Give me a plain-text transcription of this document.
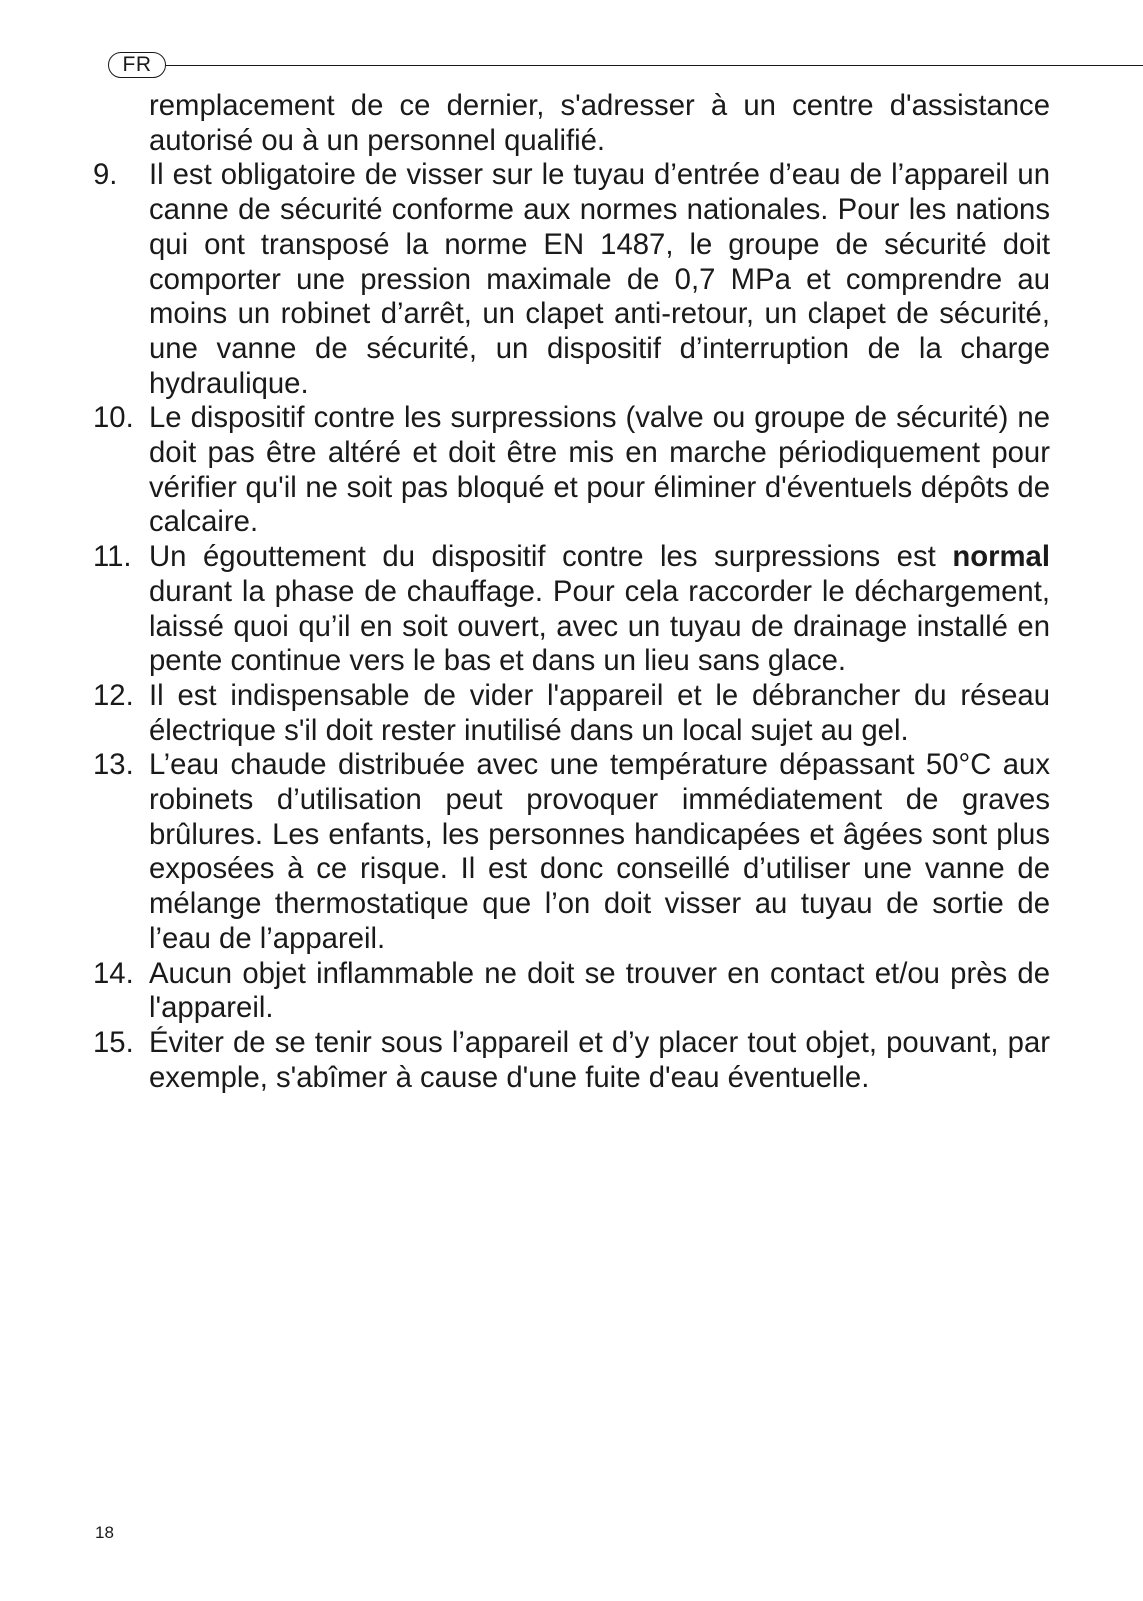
FR
remplacement de ce dernier, s'adresser à un centre d'assistance autorisé ou à un personnel qualifié.
9. Il est obligatoire de visser sur le tuyau d’entrée d’eau de l’appareil un canne de sécurité conforme aux normes nationales. Pour les nations qui ont transposé la norme EN 1487, le groupe de sécurité doit comporter une pression maximale de 0,7 MPa et comprendre au moins un robinet d’arrêt, un clapet anti-retour, un clapet de sécurité, une vanne de sécurité, un dispositif d’interruption de la charge hydraulique.
10. Le dispositif contre les surpressions (valve ou groupe de sécurité) ne doit pas être altéré et doit être mis en marche périodiquement pour vérifier qu'il ne soit pas bloqué et pour éliminer d'éventuels dépôts de calcaire.
11. Un égouttement du dispositif contre les surpressions est normal durant la phase de chauffage. Pour cela raccorder le déchargement, laissé quoi qu’il en soit ouvert, avec un tuyau de drainage installé en pente continue vers le bas et dans un lieu sans glace.
12. Il est indispensable de vider l'appareil et le débrancher du réseau électrique s'il doit rester inutilisé dans un local sujet au gel.
13. L’eau chaude distribuée avec une température dépassant 50°C aux robinets d’utilisation peut provoquer immédiatement de graves brûlures. Les enfants, les personnes handicapées et âgées sont plus exposées à ce risque. Il est donc conseillé d’utiliser une vanne de mélange thermostatique que l’on doit visser au tuyau de sortie de l’eau de l’appareil.
14. Aucun objet inflammable ne doit se trouver en contact et/ou près de l'appareil.
15. Éviter de se tenir sous l’appareil et d’y placer tout objet, pouvant, par exemple, s'abîmer à cause d'une fuite d'eau éventuelle.
18
